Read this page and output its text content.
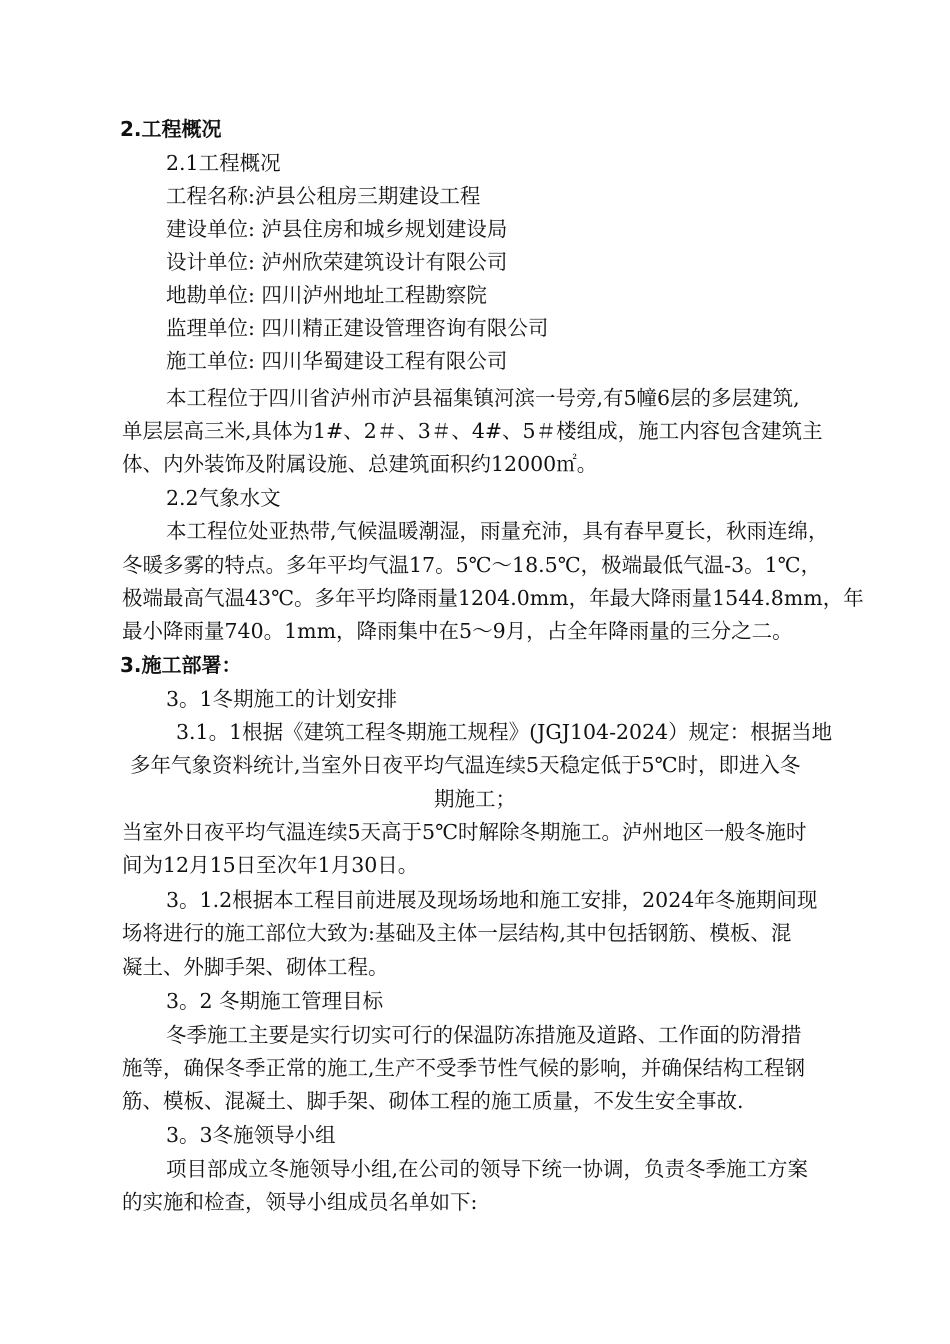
2.工程概况
2.1工程概况
工程名称:泸县公租房三期建设工程
建设单位: 泸县住房和城乡规划建设局
设计单位: 泸州欣荣建筑设计有限公司
地勘单位: 四川泸州地址工程勘察院
监理单位: 四川精正建设管理咨询有限公司
施工单位: 四川华蜀建设工程有限公司
本工程位于四川省泸州市泸县福集镇河滨一号旁,有5幢6层的多层建筑,
单层层高三米,具体为1#、2＃、3＃、4#、5＃楼组成，施工内容包含建筑主
体、内外装饰及附属设施、总建筑面积约12000㎡。
2.2气象水文
本工程位处亚热带,气候温暖潮湿，雨量充沛，具有春早夏长，秋雨连绵，
冬暖多雾的特点。多年平均气温17。5℃～18.5℃，极端最低气温-3。1℃，
极端最高气温43℃。多年平均降雨量1204.0mm，年最大降雨量1544.8mm，年
最小降雨量740。1mm，降雨集中在5～9月，占全年降雨量的三分之二。
3.施工部署：
3。1冬期施工的计划安排
3.1。1根据《建筑工程冬期施工规程》(JGJ104-2024）规定：根据当地
多年气象资料统计,当室外日夜平均气温连续5天稳定低于5℃时，即进入冬
期施工；
当室外日夜平均气温连续5天高于5℃时解除冬期施工。泸州地区一般冬施时
间为12月15日至次年1月30日。
3。1.2根据本工程目前进展及现场场地和施工安排，2024年冬施期间现
场将进行的施工部位大致为:基础及主体一层结构,其中包括钢筋、模板、混
凝土、外脚手架、砌体工程。
3。2 冬期施工管理目标
冬季施工主要是实行切实可行的保温防冻措施及道路、工作面的防滑措
施等，确保冬季正常的施工,生产不受季节性气候的影响，并确保结构工程钢
筋、模板、混凝土、脚手架、砌体工程的施工质量，不发生安全事故.
3。3冬施领导小组
项目部成立冬施领导小组,在公司的领导下统一协调，负责冬季施工方案
的实施和检查，领导小组成员名单如下:
